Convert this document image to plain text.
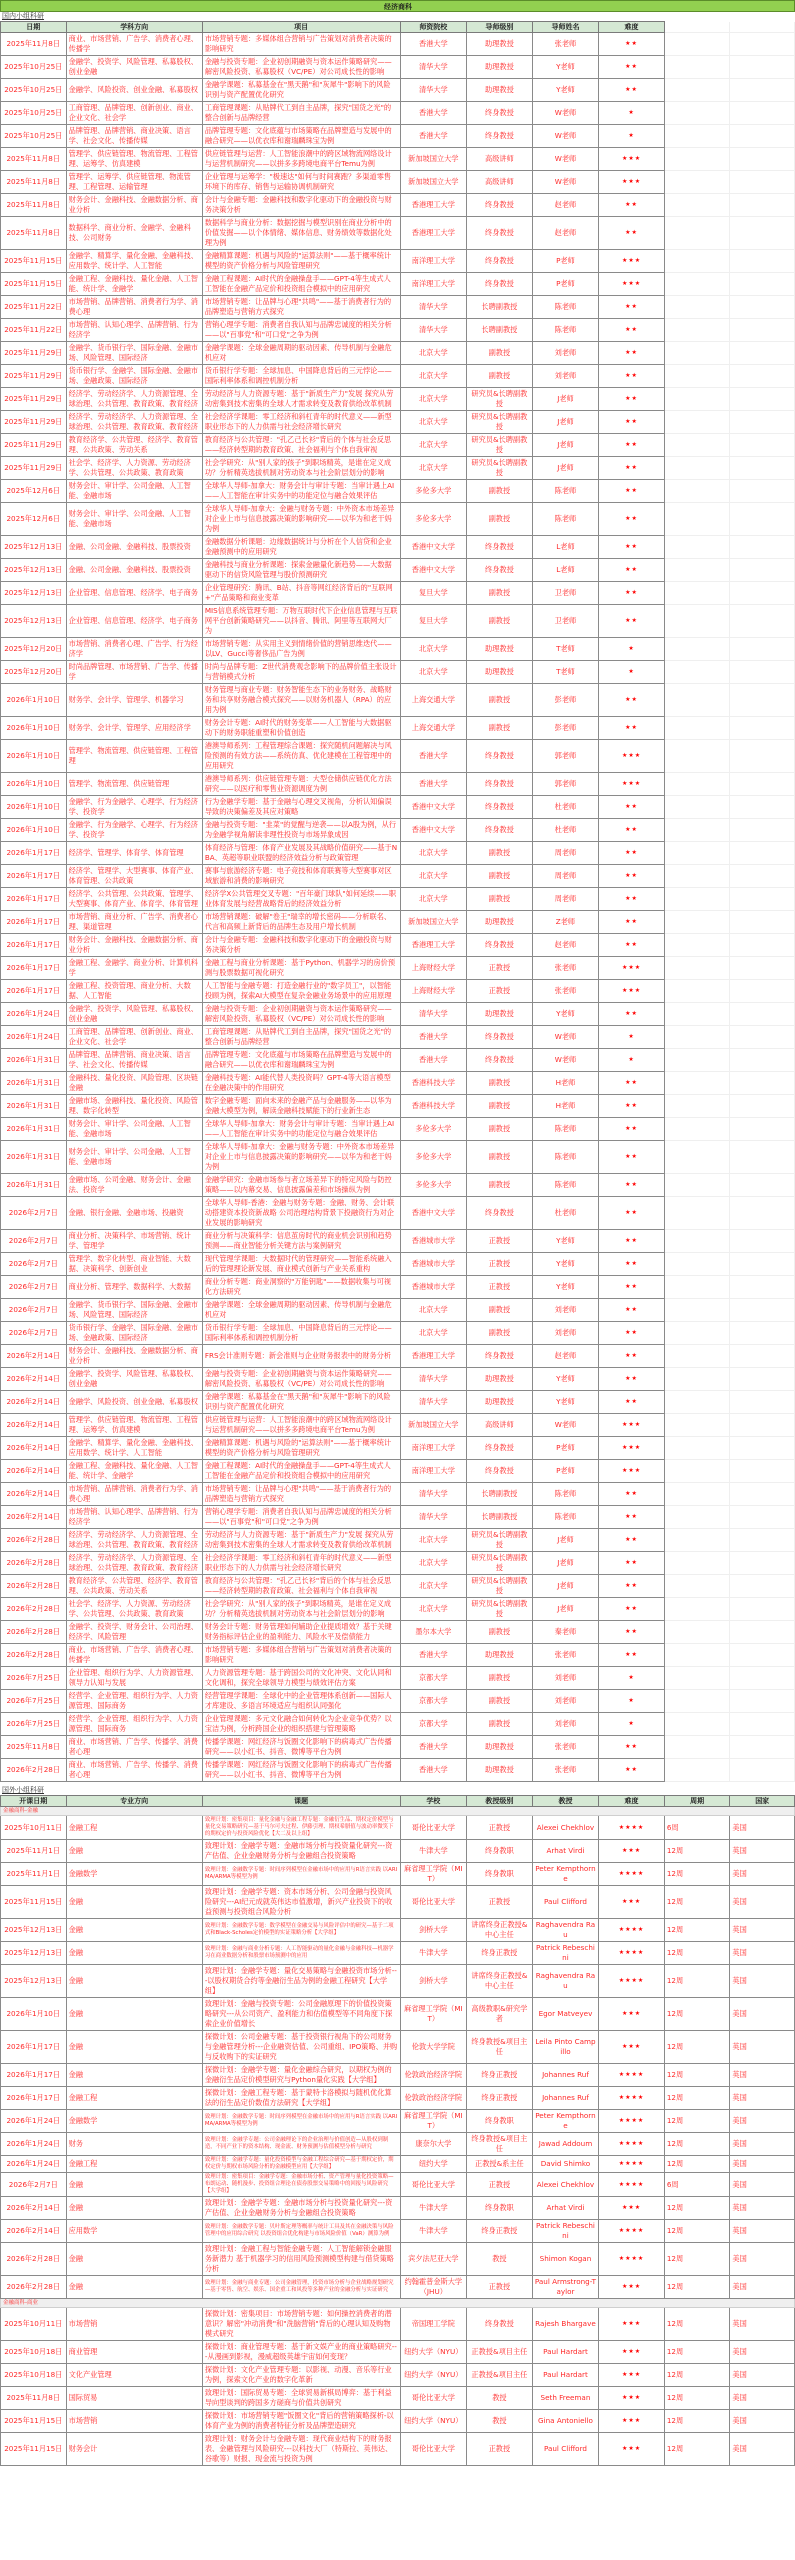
经济商科
国内小组科研
日期	学科方向	项目	师资院校	导师级别	导师姓名	难度		
2025年11月8日	商业、市场营销、广告学、消费者心理、传播学	市场营销专题：多媒体组合营销与广告策划对消费者决策的影响研究	香港大学	助理教授	张老师	★★		
2025年10月25日	金融学、投资学、风险管理、私募股权、创业金融	金融与投资专题：企业初创期融资与资本运作策略研究——解密风险投资、私募股权（VC/PE）对公司成长性的影响	清华大学	助理教授	Y老师	★★		
2025年10月25日	金融学、风险投资、创业金融、私募股权	金融学课题：私募基金在"黑天鹅"和"灰犀牛"影响下的风险识别与资产配置优化研究	清华大学	助理教授	Y老师	★★		
2025年10月25日	工商管理、品牌管理、创新创业、商业、企业文化、社会学	工商管理课题：从贴牌代工到自主品牌，探究"国货之光"的整合创新与品牌经营	香港大学	终身教授	W老师	★		
2025年10月25日	品牌管理、品牌营销、商业决策、语言学、社会文化、传播传媒	品牌管理专题：文化底蕴与市场策略在品牌塑造与发展中的融合研究——以优衣库和谢瑞麟珠宝为例	香港大学	终身教授	W老师	★		
2025年11月8日	管理学、供应链管理、物流管理、工程管理、运筹学、仿真建模	供应链管理与运营：人工智能浪潮中的跨区域物流网络设计与运营机制研究——以拼多多跨境电商平台Temu为例	新加坡国立大学	高级讲师	W老师	★★★		
2025年11月8日	管理学、运筹学、供应链管理、物流管理、工程管理、运输管理	企业管理与运筹学："极速达"如何与时间赛跑？多渠道零售环境下的库存、销售与运输协调机制研究	新加坡国立大学	高级讲师	W老师	★★★		
2025年11月8日	财务会计、金融科技、金融数据分析、商业分析	会计与金融专题：金融科技和数字化驱动下的金融投资与财务决策分析	香港理工大学	终身教授	赵老师	★★		
2025年11月8日	数据科学、商业分析、金融学、金融科技、公司财务	数据科学与商业分析：数据挖掘与模型识别在商业分析中的价值发掘——以个体情绪、媒体信息、财务绩效等数据化处理为例	香港理工大学	终身教授	赵老师	★★		
2025年11月15日	金融学、精算学、量化金融、金融科技、应用数学、统计学、人工智能	金融精算课题：机遇与风险的"运算法则"——基于概率统计模型的资产价格分析与风险管理研究	南洋理工大学	终身教授	P老师	★★★		
2025年11月15日	金融工程、金融科技、量化金融、人工智能、统计学、金融学	金融工程课题：AI时代的金融操盘手——GPT-4等生成式人工智能在金融产品定价和投资组合模拟中的应用研究	南洋理工大学	终身教授	P老师	★★★		
2025年11月22日	市场营销、品牌营销、消费者行为学、消费心理	市场营销专题：让品牌与心理"共鸣"——基于消费者行为的品牌塑造与营销方式探究	清华大学	长聘副教授	陈老师	★★		
2025年11月22日	市场营销、认知心理学、品牌营销、行为经济学	营销心理学专题：消费者自我认知与品牌忠诚度的相关分析——以"百事党"和"可口党"之争为例	清华大学	长聘副教授	陈老师	★★		
2025年11月29日	金融学、货币银行学、国际金融、金融市场、风险管理、国际经济	金融学课题：全球金融周期的驱动因素、传导机制与金融危机应对	北京大学	副教授	刘老师	★★		
2025年11月29日	货币银行学、金融学、国际金融、金融市场、金融政策、国际经济	货币银行学专题：全球加息、中国降息背后的三元悖论——国际利率体系和调控机制分析	北京大学	副教授	刘老师	★★		
2025年11月29日	经济学、劳动经济学、人力资源管理、全球治理、公共管理、教育政策、教育经济	劳动经济与人力资源专题：基于"新质生产力"发展 探究从劳动密集到技术密集的全球人才需求转变及教育供给改革机制	北京大学	研究员&长聘副教授	J老师	★★		
2025年11月29日	经济学、劳动经济学、人力资源管理、全球治理、公共管理、教育政策、教育经济	社会经济学课题：零工经济和斜杠青年的时代意义——新型职业形态下的人力供需与社会经济增长研究	北京大学	研究员&长聘副教授	J老师	★★		
2025年11月29日	教育经济学、公共管理、经济学、教育管理、公共政策、劳动关系	教育经济与公共管理："孔乙己长衫"背后的个体与社会反思——经济转型期的教育政策、社会福利与个体自我审视	北京大学	研究员&长聘副教授	J老师	★★		
2025年11月29日	社会学、经济学、人力资源、劳动经济学、公共管理、公共政策、教育政策	社会学研究：从"别人家的孩子"到职场精英，是谁在定义成功？分析精英选拔机制对劳动资本与社会阶层划分的影响	北京大学	研究员&长聘副教授	J老师	★★		
2025年12月6日	财务会计、审计学、公司金融、人工智能、金融市场	全球华人导师-加拿大：财务会计与审计专题：当审计遇上AI——人工智能在审计实务中的功能定位与融合效果评估	多伦多大学	副教授	陈老师	★★		
2025年12月6日	财务会计、审计学、公司金融、人工智能、金融市场	全球华人导师-加拿大：金融与财务专题：中外资本市场差异对企业上市与信息披露决策的影响研究——以华为和老干妈为例	多伦多大学	副教授	陈老师	★★		
2025年12月13日	金融、公司金融、金融科技、股票投资	金融数据分析课题：边缘数据统计与分析在个人信贷和企业金融预测中的应用研究	香港中文大学	终身教授	L老师	★★		
2025年12月13日	金融、公司金融、金融科技、股票投资	金融科技与商业分析课题：探索金融量化新趋势——大数据驱动下的信贷风险管理与股价预测研究	香港中文大学	终身教授	L老师	★★		
2025年12月13日	企业管理、信息管理、经济学、电子商务	企业管理研究：腾讯、B站、抖音等网红经济背后的"互联网+"产品策略和商业变革	复旦大学	副教授	卫老师	★★		
2025年12月13日	企业管理、信息管理、经济学、电子商务	MIS信息系统管理专题：万物互联时代下企业信息管理与互联网平台创新策略研究——以抖音、腾讯、阿里等互联网大厂为	复旦大学	副教授	卫老师	★★		
2025年12月20日	市场营销、消费者心理、广告学、行为经济学	市场营销专题：从实用主义到情绪价值的营销思维迭代——以LV、Gucci等奢侈品广告为例	北京大学	助理教授	T老师	★		
2025年12月20日	时尚品牌管理、市场营销、广告学、传播学	时尚与品牌专题：Z世代消费观念影响下的品牌价值主张设计与营销模式分析	北京大学	助理教授	T老师	★		
2026年1月10日	财务学、会计学、管理学、机器学习	财务管理与商业专题：财务智能生态下的业务财务、战略财务和共享财务融合模式探究——以财务机器人（RPA）的应用为例	上海交通大学	副教授	彭老师	★★		
2026年1月10日	财务学、会计学、管理学、应用经济学	财务会计专题：AI时代的财务变革——人工智能与大数据驱动下的财务职能重塑和价值创造	上海交通大学	副教授	彭老师	★★		
2026年1月10日	管理学、物流管理、供应链管理、工程管理	港澳导师系列：工程管理综合课题：探究随机问题解决与风险预测的有效方法——系统仿真、优化建模在工程管理中的应用研究	香港大学	终身教授	郭老师	★★★		
2026年1月10日	管理学、物流管理、供应链管理	港澳导师系列：供应链管理专题：大型仓储供应链优化方法研究——以医疗和零售业资源调度为例	香港大学	终身教授	郭老师	★★★		
2026年1月10日	金融学、行为金融学、心理学、行为经济学、投资学	行为金融学专题：基于金融与心理交叉视角，分析认知偏误导致的决策偏差及其应对策略	香港中文大学	终身教授	杜老师	★★		
2026年1月10日	金融学、行为金融学、心理学、行为经济学、投资学	金融与投资专题："韭菜"的觉醒与逆袭——以A股为例，从行为金融学视角解读非理性投资与市场异象成因	香港中文大学	终身教授	杜老师	★★		
2026年1月17日	经济学、管理学、体育学、体育管理	体育经济与管理：体育产业发展及其战略价值研究——基于NBA、英超等职业联盟的经济效益分析与政策管理	北京大学	副教授	周老师	★★		
2026年1月17日	经济学、管理学、大型赛事、体育产业、体育管理、公共政策	赛事与旅游经济专题：电子竞技和体育联赛等大型赛事对区域旅游和消费的影响研究	北京大学	副教授	周老师	★★		
2026年1月17日	经济学、公共管理、公共政策、管理学、大型赛事、体育产业、体育学、体育管理	经济学X公共管理交叉专题："百年豪门球队"如何延续——职业体育发展与经营战略背后的经济效益分析	北京大学	副教授	周老师	★★		
2026年1月17日	市场营销、商业分析、广告学、消费者心理、渠道管理	市场营销课题：破解"卷王"瑞幸的增长密码——分析联名、代言和高频上新背后的品牌生态及用户增长机制	新加坡国立大学	助理教授	Z老师	★★		
2026年1月17日	财务会计、金融科技、金融数据分析、商业分析	会计与金融专题：金融科技和数字化驱动下的金融投资与财务决策分析	香港理工大学	终身教授	赵老师	★★		
2026年1月17日	金融工程、金融学、商业分析、计算机科学	金融工程与商业分析课题：基于Python、机器学习的房价预测与股票数据可视化研究	上海财经大学	正教授	张老师	★★★		
2026年1月17日	金融工程、投资管理、商业分析、大数据、人工智能	人工智能与金融专题：打造金融行业的"数字员工"，以智能投顾为例，探索AI大模型在复杂金融业务场景中的应用原理	上海财经大学	正教授	张老师	★★★		
2026年1月24日	金融学、投资学、风险管理、私募股权、创业金融	金融与投资专题：企业初创期融资与资本运作策略研究——解密风险投资、私募股权（VC/PE）对公司成长性的影响	清华大学	助理教授	Y老师	★★		
2026年1月24日	工商管理、品牌管理、创新创业、商业、企业文化、社会学	工商管理课题：从贴牌代工到自主品牌，探究"国货之光"的整合创新与品牌经营	香港大学	终身教授	W老师	★		
2026年1月31日	品牌管理、品牌营销、商业决策、语言学、社会文化、传播传媒	品牌管理专题：文化底蕴与市场策略在品牌塑造与发展中的融合研究——以优衣库和谢瑞麟珠宝为例	香港大学	终身教授	W老师	★		
2026年1月31日	金融科技、量化投资、风险管理、区块链金融	金融科技专题：AI能代替人类投资吗？GPT-4等大语言模型在金融决策中的作用研究	香港科技大学	副教授	H老师	★★		
2026年1月31日	金融市场、金融科技、量化投资、风险管理、数字化转型	数字金融专题：面向未来的金融产品与金融服务——以华为金融大模型为例，解读金融科技赋能下的行业新生态	香港科技大学	副教授	H老师	★★		
2026年1月31日	财务会计、审计学、公司金融、人工智能、金融市场	全球华人导师-加拿大：财务会计与审计专题：当审计遇上AI——人工智能在审计实务中的功能定位与融合效果评估	多伦多大学	副教授	陈老师	★★		
2026年1月31日	财务会计、审计学、公司金融、人工智能、金融市场	全球华人导师-加拿大：金融与财务专题：中外资本市场差异对企业上市与信息披露决策的影响研究——以华为和老干妈为例	多伦多大学	副教授	陈老师	★★		
2026年1月31日	金融市场、公司金融、财务会计、金融法、投资学	金融学研究：金融市场参与者立场差异下的特定风险与防控策略——以内幕交易、信息披露偏差和市场操纵为例	多伦多大学	副教授	陈老师	★★		
2026年2月7日	金融、银行金融、金融市场、投融资	全球华人导师-香港：金融与财务专题：金融、财务、会计联动搭建资本投资新战略 公司治理结构背景下投融资行为对企业发展的影响研究	香港中文大学	终身教授	杜老师	★★		
2026年2月7日	商业分析、决策科学、市场营销、统计学、管理学	商业分析与决策科学：信息茧房时代的商业机会识别和趋势预测——商业智能分析关键方法与案例研究	香港城市大学	正教授	Y老师	★★		
2026年2月7日	管理学、数字化转型、商业智能、大数据、决策科学、创新创业	现代管理学课题：大数据时代的管理研究——智能系统融入后的管理理论新发展、商业模式创新与产业关系重构	香港城市大学	正教授	Y老师	★★		
2026年2月7日	商业分析、管理学、数据科学、大数据	商业分析专题：商业洞察的"万能钥匙"——数据收集与可视化方法研究	香港城市大学	正教授	Y老师	★★		
2026年2月7日	金融学、货币银行学、国际金融、金融市场、风险管理、国际经济	金融学课题：全球金融周期的驱动因素、传导机制与金融危机应对	北京大学	副教授	刘老师	★★		
2026年2月7日	货币银行学、金融学、国际金融、金融市场、金融政策、国际经济	货币银行学专题：全球加息、中国降息背后的三元悖论——国际利率体系和调控机制分析	北京大学	副教授	刘老师	★★		
2026年2月14日	财务会计、金融科技、金融数据分析、商业分析	FRS会计准则专题：新会准则与企业财务报表中的财务分析	香港理工大学	终身教授	赵老师	★★		
2026年2月14日	金融学、投资学、风险管理、私募股权、创业金融	金融与投资专题：企业初创期融资与资本运作策略研究——解密风险投资、私募股权（VC/PE）对公司成长性的影响	清华大学	助理教授	Y老师	★★		
2026年2月14日	金融学、风险投资、创业金融、私募股权	金融学课题：私募基金在"黑天鹅"和"灰犀牛"影响下的风险识别与资产配置优化研究	清华大学	助理教授	Y老师	★★		
2026年2月14日	管理学、供应链管理、物流管理、工程管理、运筹学、仿真建模	供应链管理与运营：人工智能浪潮中的跨区域物流网络设计与运营机制研究——以拼多多跨境电商平台Temu为例	新加坡国立大学	高级讲师	W老师	★★★		
2026年2月14日	金融学、精算学、量化金融、金融科技、应用数学、统计学、人工智能	金融精算课题：机遇与风险的"运算法则"——基于概率统计模型的资产价格分析与风险管理研究	南洋理工大学	终身教授	P老师	★★★		
2026年2月14日	金融工程、金融科技、量化金融、人工智能、统计学、金融学	金融工程课题：AI时代的金融操盘手——GPT-4等生成式人工智能在金融产品定价和投资组合模拟中的应用研究	南洋理工大学	终身教授	P老师	★★★		
2026年2月14日	市场营销、品牌营销、消费者行为学、消费心理	市场营销专题：让品牌与心理"共鸣"——基于消费者行为的品牌塑造与营销方式探究	清华大学	长聘副教授	陈老师	★★		
2026年2月14日	市场营销、认知心理学、品牌营销、行为经济学	营销心理学专题：消费者自我认知与品牌忠诚度的相关分析——以"百事党"和"可口党"之争为例	清华大学	长聘副教授	陈老师	★★		
2026年2月28日	经济学、劳动经济学、人力资源管理、全球治理、公共管理、教育政策、教育经济	劳动经济与人力资源专题：基于"新质生产力"发展 探究从劳动密集到技术密集的全球人才需求转变及教育供给改革机制	北京大学	研究员&长聘副教授	J老师	★★		
2026年2月28日	经济学、劳动经济学、人力资源管理、全球治理、公共管理、教育政策、教育经济	社会经济学课题：零工经济和斜杠青年的时代意义——新型职业形态下的人力供需与社会经济增长研究	北京大学	研究员&长聘副教授	J老师	★★		
2026年2月28日	教育经济学、公共管理、经济学、教育管理、公共政策、劳动关系	教育经济与公共管理："孔乙己长衫"背后的个体与社会反思——经济转型期的教育政策、社会福利与个体自我审视	北京大学	研究员&长聘副教授	J老师	★★		
2026年2月28日	社会学、经济学、人力资源、劳动经济学、公共管理、公共政策、教育政策	社会学研究：从"别人家的孩子"到职场精英，是谁在定义成功？分析精英选拔机制对劳动资本与社会阶层划分的影响	北京大学	研究员&长聘副教授	J老师	★★		
2026年2月28日	金融学、投资学、财务会计、公司治理、经济学、风险管理	财务会计专题：财务管理如何辅助企业提质增效？基于关键财务指标评估企业的盈利能力、风险水平及偿债能力	墨尔本大学	副教授	秦老师	★★		
2026年2月28日	商业、市场营销、广告学、消费者心理、传播学	市场营销专题：多媒体组合营销与广告策划对消费者决策的影响研究	香港大学	助理教授	张老师	★★		
2026年7月25日	企业管理、组织行为学、人力资源管理、领导力认知与发展	人力资源管理专题：基于跨国公司的文化冲突、文化认同和文化调和，探究全球领导力模型与绩效评估方案	京都大学	副教授	刘老师	★		
2026年7月25日	经营学、企业管理、组织行为学、人力资源管理、国际商务	经营管理学课题：全球化中的企业管理体系创新——国际人才库建设、多语言环境适应与组织认同强化	京都大学	副教授	刘老师	★		
2026年7月25日	经营学、企业管理、组织行为学、人力资源管理、国际商务	企业管理课题：多元文化融合如何转化为企业竞争优势？以宝洁为例，分析跨国企业的组织搭建与管理策略	京都大学	副教授	刘老师	★		
2025年11月8日	商业、市场营销、广告学、传播学、消费者心理	传播学课题：网红经济与饭圈文化影响下的病毒式广告传播研究——以小红书、抖音、微博等平台为例	香港大学	助理教授	张老师	★★		
2026年2月28日	商业、市场营销、广告学、传播学、消费者心理	传播学课题：网红经济与饭圈文化影响下的病毒式广告传播研究——以小红书、抖音、微博等平台为例	香港大学	助理教授	张老师	★★		
国外小组科研
开课日期	专业方向	课题	学校	教授级别	教授	难度	周期	国家
金融商科-金融								
2025年10月11日	金融工程	致理计划：密集项目：量化金融与金融工程专题：金融衍生品、期权定价模型与量化交易策略研究—基于马尔可夫过程、伊藤引理、期权希腊值与波动率微笑下的期权定价与投资风险优化【大二及以上组】	哥伦比亚大学	正教授	Alexei Chekhlov	★★★★	6周	美国
2025年11月1日	金融	致理计划：金融学专题：金融市场分析与投资量化研究---资产估值、企业金融财务分析与金融组合投资策略	牛津大学	终身教职	Arhat Virdi	★★★	12周	英国
2025年11月1日	金融数学	致理计划：金融数学专题：时间序列模型在金融市场中的应用与R语言实践 以ARIMA/ARMA等模型为例	麻省理工学院（MIT）	终身教职	Peter Kempthorne	★★★★	12周	美国
2025年11月15日	金融	致理计划：金融学专题：资本市场分析、公司金融与投资风险研究---AI纪元成就英伟达市值激增，新兴产业投资下的收益预测与投资组合风险分析	哥伦比亚大学	正教授	Paul Clifford	★★★	12周	美国
2025年12月13日	金融	致理计划：金融数学专题：数学模型在金融交易与风险评估中的研究—基于二项式和Black-Scholes定价模型的实证策略分析【大学组】	剑桥大学	讲席终身正教授&中心主任	Raghavendra Rau	★★★★	12周	英国
2025年12月13日	金融	致理计划：金融与商业分析专题：人工智能驱动的量化金融与金融科技—机器学习在商业数据分析和股票市场预测中的应用	牛津大学	终身正教授	Patrick Rebeschini	★★★★	12周	英国
2025年12月13日	金融	致理计划：金融学专题：量化交易策略与金融投资市场分析---以股权期货合约等金融衍生品为例的金融工程研究【大学组】	剑桥大学	讲席终身正教授&中心主任	Raghavendra Rau	★★★★	12周	英国
2026年1月10日	金融	致理计划：金融与投资专题：公司金融原理下的价值投资策略研究---从公司资产、盈利能力和估值模型等不同角度下探索企业价值增长	麻省理工学院（MIT）	高级教职&研究学者	Egor Matveyev	★★★	12周	美国
2026年1月17日	金融	探微计划：公司金融专题：基于投资银行视角下的公司财务与金融管理分析---企业融资估值、公司重组、IPO策略、并购与反收购下的实证研究	伦敦大学学院	终身教授&项目主任	Leila Pinto Campillo	★★★	12周	英国
2026年1月17日	金融	探微计划：金融学专题：量化金融综合研究，以期权为例的金融衍生品定价模型研究与Python量化实践【大学组】	伦敦政治经济学院	终身正教授	Johannes Ruf	★★★★	12周	英国
2026年1月17日	金融工程	探微计划：金融工程专题：基于蒙特卡洛模拟与随机优化算法的衍生品定价数值方法研究【大学组】	伦敦政治经济学院	终身正教授	Johannes Ruf	★★★★	12周	英国
2026年1月24日	金融数学	致理计划：金融数学专题：时间序列模型在金融市场中的应用与R语言实践 以ARIMA/ARMA等模型为例	麻省理工学院（MIT）	终身教职	Peter Kempthorne	★★★★	12周	美国
2026年1月24日	财务	致理计划：金融学专题：公司金融理论下的企业治理与价值创造—从股权到制造，不同产业下的资本结构、现金流、财务预测与估值模型分析与研究	康奈尔大学	终身教授&项目主任	Jawad Addoum	★★★★	12周	美国
2026年1月24日	金融工程	致理计划：金融学专题：量化投资模型与金融工程综合研究—基于期权定价，期权定价与期权市场风险分析的金融模型应用【大学组】	纽约大学	正教授&系主任	David Shimko	★★★★	12周	美国
2026年2月7日	金融	致理计划：密集项目：金融学专题：金融市场分析、资产管理与量化投资策略—布朗运动、随机漫步、投资组合理论在债券股票交易策略中的回报与风险研究【大学组】	哥伦比亚大学	正教授	Alexei Chekhlov	★★★★	6周	美国
2026年2月14日	金融	致理计划：金融学专题：金融市场分析与投资量化研究---资产估值、企业金融财务分析与金融组合投资策略	牛津大学	终身教职	Arhat Virdi	★★★	12周	英国
2026年2月14日	应用数学	致理计划：金融数学专题：贝叶斯定理等概率与统计工具及其在金融决策与风险管理中的应用综合研究 以投资组合优化构建与市场风险价值（VaR）测算为例	牛津大学	终身正教授	Patrick Rebeschini	★★★★	12周	英国
2026年2月28日	金融	致理计划：金融工程与智能金融专题：人工智能解锁金融服务新潜力 基于机器学习的信用风险预测模型构建与借贷策略分析	宾夕法尼亚大学	教授	Shimon Kogan	★★★★	12周	美国
2026年2月28日	金融	致理计划：金融与商业专题：公司金融管理，投资市场分析与企业战略规划研究—基于零售、航空、娱乐、国企重工和风投等多种产业的金融分析与实证研究	约翰霍普金斯大学（JHU）	正教授	Paul Armstrong-Taylor	★★★	12周	美国
金融商科-商业								
2025年10月11日	市场营销	探微计划：密集项目：市场营销专题：如何操控消费者的潜意识？解密"冲动消费"和"洗脑营销"背后的心理认知及购物模式研究	帝国理工学院	终身教授	Rajesh Bhargave	★★★	12周	英国
2025年10月18日	商业管理	探微计划：商业管理专题：基于新文娱产业的商业策略研究---从漫画到影视，漫威超级英雄宇宙如何变现？	纽约大学（NYU）	正教授&项目主任	Paul Hardart	★★★	12周	美国
2025年10月18日	文化产业管理	探微计划：文化产业管理专题：以影视、动漫、音乐等行业为例，探索文化产业的数字化革新	纽约大学（NYU）	正教授&项目主任	Paul Hardart	★★★	12周	美国
2025年11月8日	国际贸易	致理计划：国际贸易专题：全球贸易新棋局博弈：基于利益导向型谈判的跨国多方磋商与价值共创研究	哥伦比亚大学	教授	Seth Freeman	★★★	12周	美国
2025年11月15日	市场营销	探微计划：市场营销专题"饭圈文化"背后的营销策略探析-以体育产业为例的消费者特征分析及品牌塑造研究	纽约大学（NYU）	教授	Gina Antoniello	★★★	12周	美国
2025年11月15日	财务会计	致理计划：财务会计与金融专题：现代商业结构下的财务报表、金融管理与风险研究---以科技大厂（特斯拉、英伟达、谷歌等）财报、现金流与投资为例	哥伦比亚大学	正教授	Paul Clifford	★★★	12周	美国
